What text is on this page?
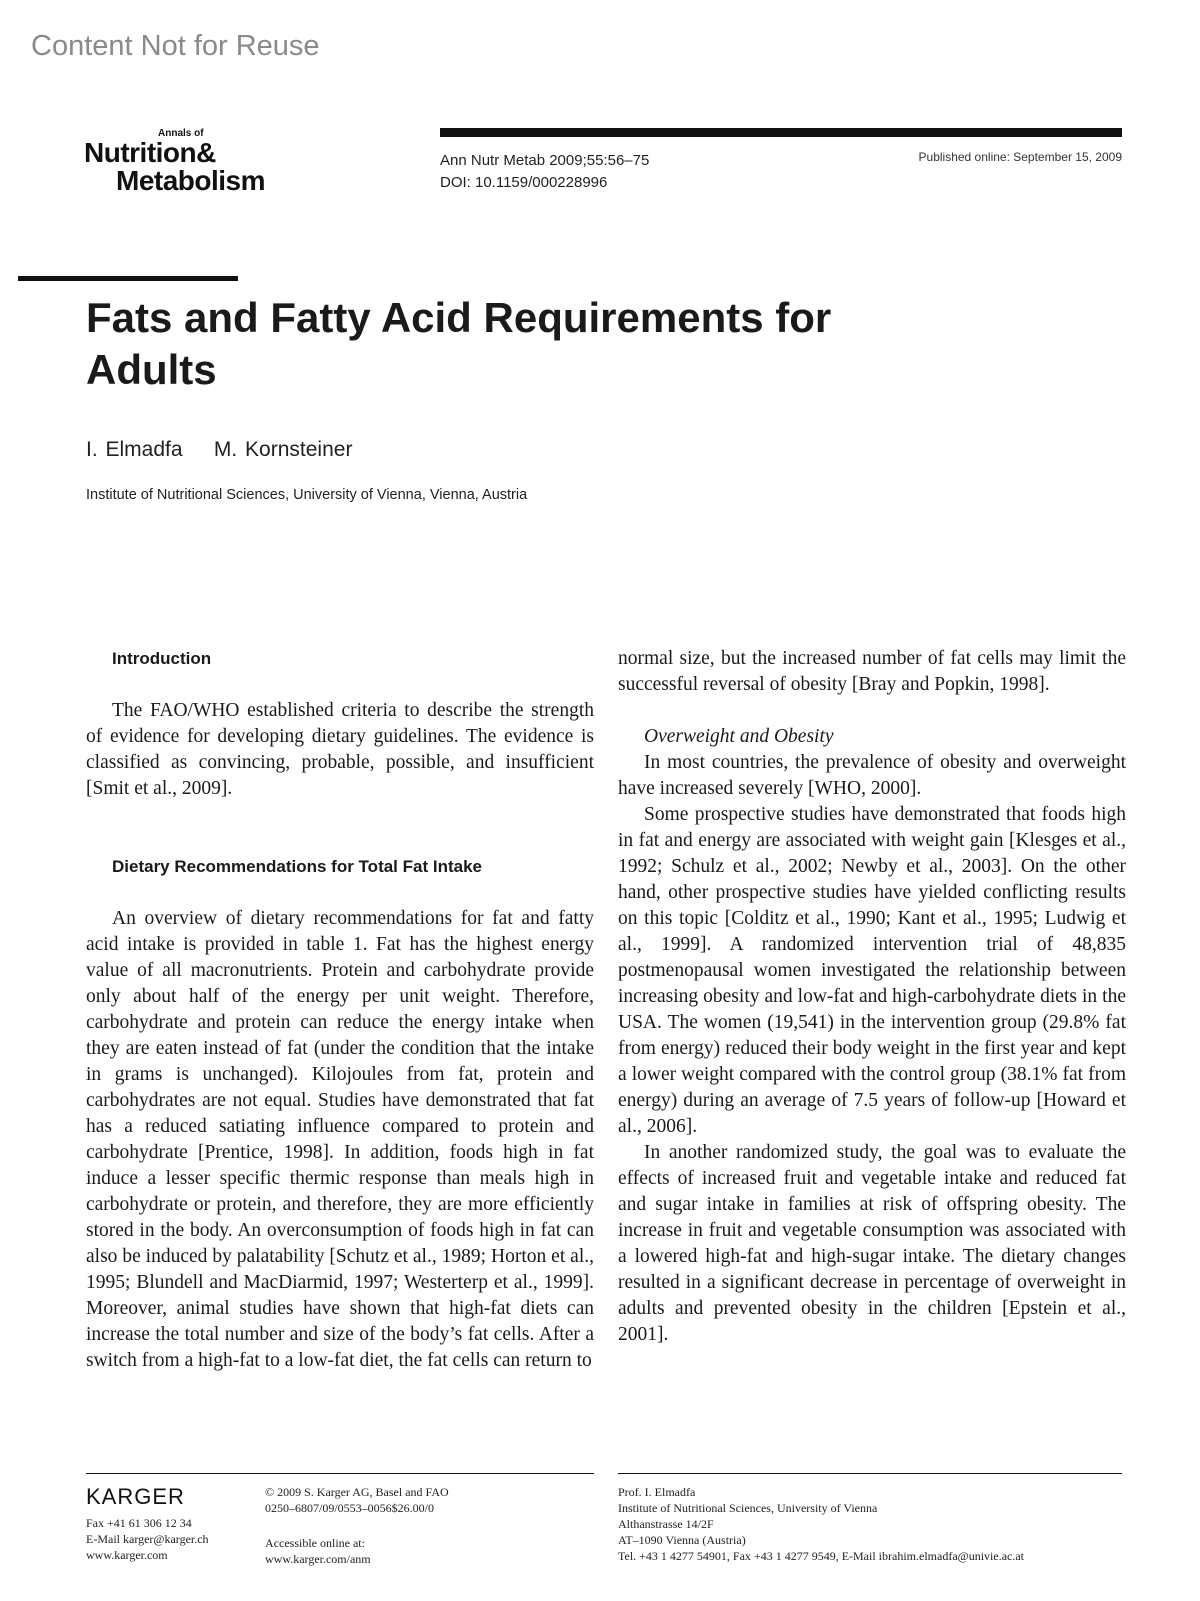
Content Not for Reuse
Annals of
Nutrition&
Metabolism
Ann Nutr Metab 2009;55:56–75
DOI: 10.1159/000228996
Published online: September 15, 2009
Fats and Fatty Acid Requirements for
Adults
I. Elmadfa M. Kornsteiner
Institute of Nutritional Sciences, University of Vienna, Vienna, Austria
Introduction

The FAO/WHO established criteria to describe the strength of evidence for developing dietary guidelines. The evidence is classified as convincing, probable, possible, and insufficient [Smit et al., 2009].

Dietary Recommendations for Total Fat Intake

An overview of dietary recommendations for fat and fatty acid intake is provided in table 1. Fat has the highest energy value of all macronutrients. Protein and carbohydrate provide only about half of the energy per unit weight. Therefore, carbohydrate and protein can reduce the energy intake when they are eaten instead of fat (under the condition that the intake in grams is unchanged). Kilojoules from fat, protein and carbohydrates are not equal. Studies have demonstrated that fat has a reduced satiating influence compared to protein and carbohydrate [Prentice, 1998]. In addition, foods high in fat induce a lesser specific thermic response than meals high in carbohydrate or protein, and therefore, they are more efficiently stored in the body. An overconsumption of foods high in fat can also be induced by palatability [Schutz et al., 1989; Horton et al., 1995; Blundell and MacDiarmid, 1997; Westerterp et al., 1999]. Moreover, animal studies have shown that high-fat diets can increase the total number and size of the body’s fat cells. After a switch from a high-fat to a low-fat diet, the fat cells can return to

normal size, but the increased number of fat cells may limit the successful reversal of obesity [Bray and Popkin, 1998].

Overweight and Obesity

In most countries, the prevalence of obesity and overweight have increased severely [WHO, 2000].

Some prospective studies have demonstrated that foods high in fat and energy are associated with weight gain [Klesges et al., 1992; Schulz et al., 2002; Newby et al., 2003]. On the other hand, other prospective studies have yielded conflicting results on this topic [Colditz et al., 1990; Kant et al., 1995; Ludwig et al., 1999]. A randomized intervention trial of 48,835 postmenopausal women investigated the relationship between increasing obesity and low-fat and high-carbohydrate diets in the USA. The women (19,541) in the intervention group (29.8% fat from energy) reduced their body weight in the first year and kept a lower weight compared with the control group (38.1% fat from energy) during an average of 7.5 years of follow-up [Howard et al., 2006].

In another randomized study, the goal was to evaluate the effects of increased fruit and vegetable intake and reduced fat and sugar intake in families at risk of offspring obesity. The increase in fruit and vegetable consumption was associated with a lowered high-fat and high-sugar intake. The dietary changes resulted in a significant decrease in percentage of overweight in adults and prevented obesity in the children [Epstein et al., 2001].

KARGER
Fax +41 61 306 12 34
E-Mail karger@karger.ch
www.karger.com
© 2009 S. Karger AG, Basel and FAO
0250–6807/09/0553–0056$26.00/0
Accessible online at:
www.karger.com/anm
Prof. I. Elmadfa
Institute of Nutritional Sciences, University of Vienna
Althanstrasse 14/2F
AT–1090 Vienna (Austria)
Tel. +43 1 4277 54901, Fax +43 1 4277 9549, E-Mail ibrahim.elmadfa@univie.ac.at
